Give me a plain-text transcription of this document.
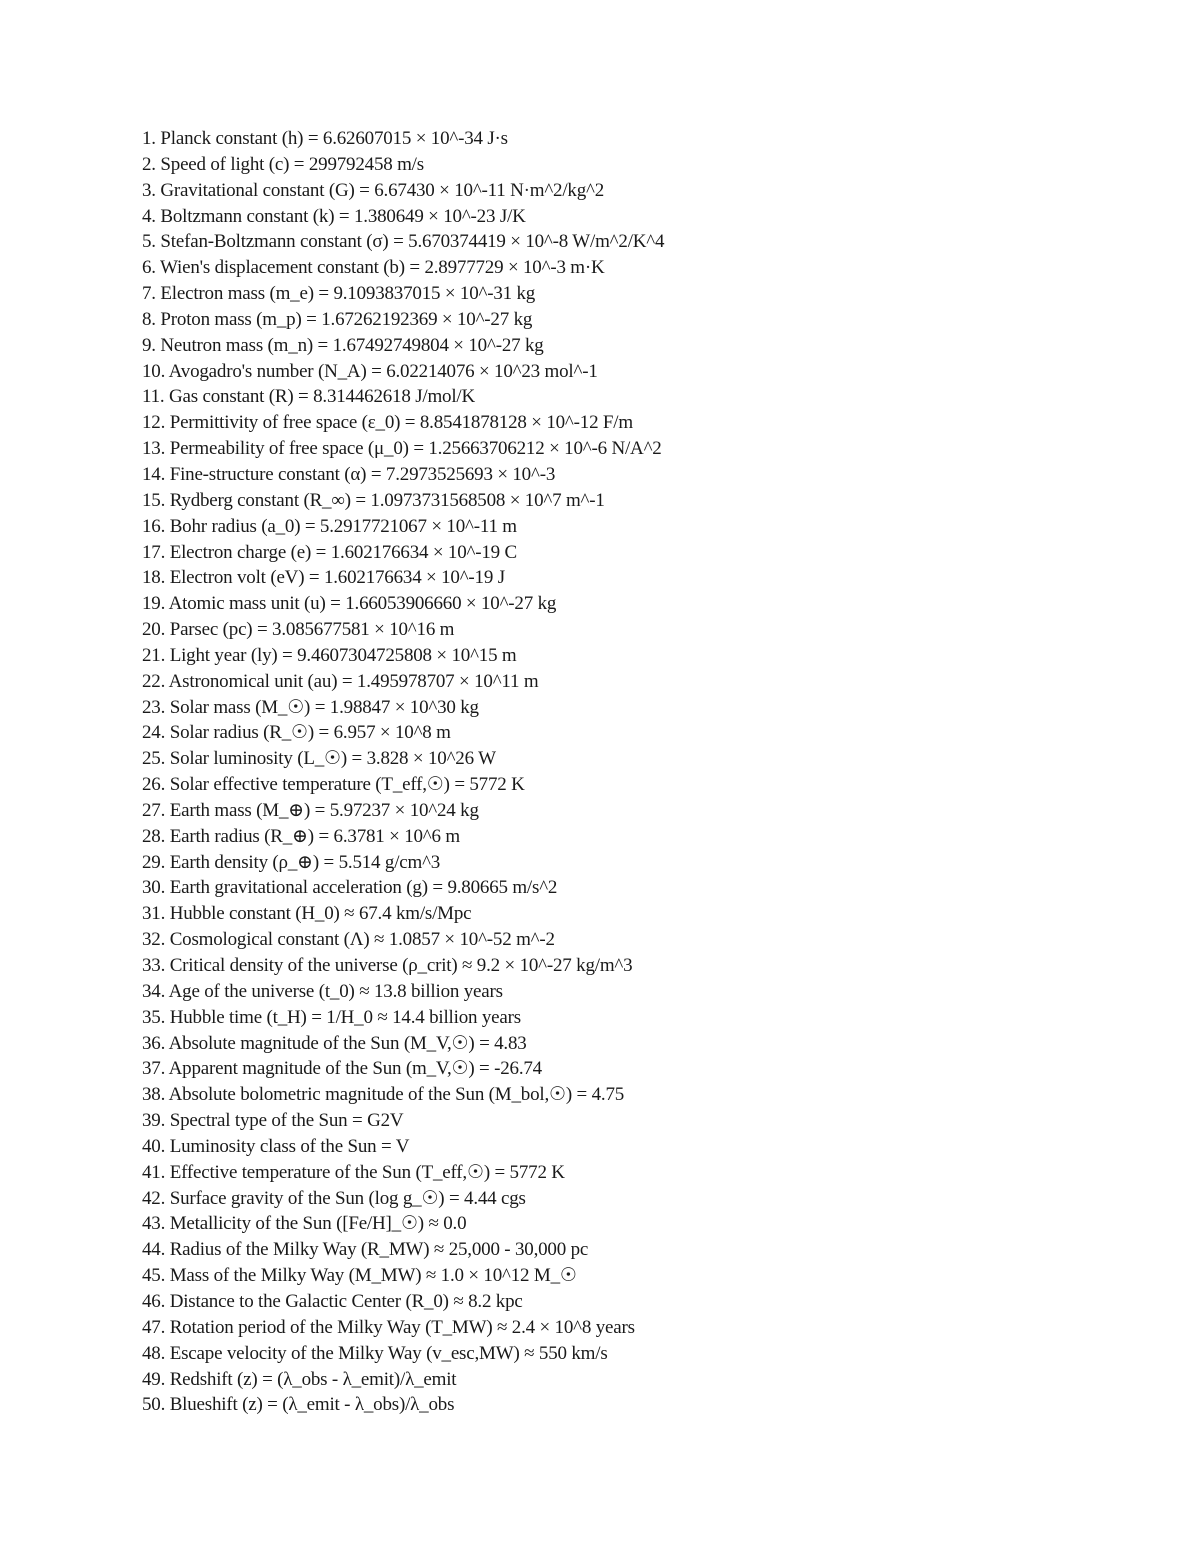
1. Planck constant (h) = 6.62607015 × 10^-34 J·s
2. Speed of light (c) = 299792458 m/s
3. Gravitational constant (G) = 6.67430 × 10^-11 N·m^2/kg^2
4. Boltzmann constant (k) = 1.380649 × 10^-23 J/K
5. Stefan-Boltzmann constant (σ) = 5.670374419 × 10^-8 W/m^2/K^4
6. Wien's displacement constant (b) = 2.8977729 × 10^-3 m·K
7. Electron mass (m_e) = 9.1093837015 × 10^-31 kg
8. Proton mass (m_p) = 1.67262192369 × 10^-27 kg
9. Neutron mass (m_n) = 1.67492749804 × 10^-27 kg
10. Avogadro's number (N_A) = 6.02214076 × 10^23 mol^-1
11. Gas constant (R) = 8.314462618 J/mol/K
12. Permittivity of free space (ε_0) = 8.8541878128 × 10^-12 F/m
13. Permeability of free space (μ_0) = 1.25663706212 × 10^-6 N/A^2
14. Fine-structure constant (α) = 7.2973525693 × 10^-3
15. Rydberg constant (R_∞) = 1.0973731568508 × 10^7 m^-1
16. Bohr radius (a_0) = 5.2917721067 × 10^-11 m
17. Electron charge (e) = 1.602176634 × 10^-19 C
18. Electron volt (eV) = 1.602176634 × 10^-19 J
19. Atomic mass unit (u) = 1.66053906660 × 10^-27 kg
20. Parsec (pc) = 3.085677581 × 10^16 m
21. Light year (ly) = 9.4607304725808 × 10^15 m
22. Astronomical unit (au) = 1.495978707 × 10^11 m
23. Solar mass (M_☉) = 1.98847 × 10^30 kg
24. Solar radius (R_☉) = 6.957 × 10^8 m
25. Solar luminosity (L_☉) = 3.828 × 10^26 W
26. Solar effective temperature (T_eff,☉) = 5772 K
27. Earth mass (M_⊕) = 5.97237 × 10^24 kg
28. Earth radius (R_⊕) = 6.3781 × 10^6 m
29. Earth density (ρ_⊕) = 5.514 g/cm^3
30. Earth gravitational acceleration (g) = 9.80665 m/s^2
31. Hubble constant (H_0) ≈ 67.4 km/s/Mpc
32. Cosmological constant (Λ) ≈ 1.0857 × 10^-52 m^-2
33. Critical density of the universe (ρ_crit) ≈ 9.2 × 10^-27 kg/m^3
34. Age of the universe (t_0) ≈ 13.8 billion years
35. Hubble time (t_H) = 1/H_0 ≈ 14.4 billion years
36. Absolute magnitude of the Sun (M_V,☉) = 4.83
37. Apparent magnitude of the Sun (m_V,☉) = -26.74
38. Absolute bolometric magnitude of the Sun (M_bol,☉) = 4.75
39. Spectral type of the Sun = G2V
40. Luminosity class of the Sun = V
41. Effective temperature of the Sun (T_eff,☉) = 5772 K
42. Surface gravity of the Sun (log g_☉) = 4.44 cgs
43. Metallicity of the Sun ([Fe/H]_☉) ≈ 0.0
44. Radius of the Milky Way (R_MW) ≈ 25,000 - 30,000 pc
45. Mass of the Milky Way (M_MW) ≈ 1.0 × 10^12 M_☉
46. Distance to the Galactic Center (R_0) ≈ 8.2 kpc
47. Rotation period of the Milky Way (T_MW) ≈ 2.4 × 10^8 years
48. Escape velocity of the Milky Way (v_esc,MW) ≈ 550 km/s
49. Redshift (z) = (λ_obs - λ_emit)/λ_emit
50. Blueshift (z) = (λ_emit - λ_obs)/λ_obs
